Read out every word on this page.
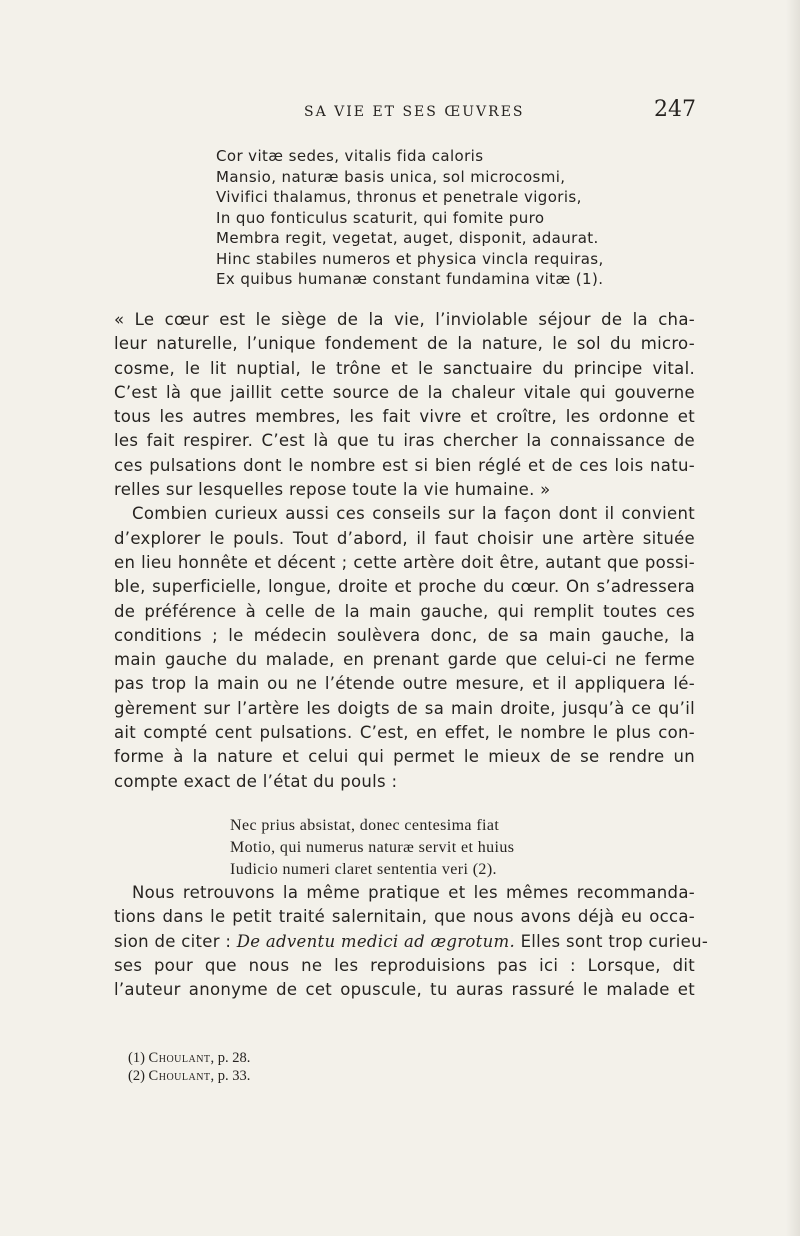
SA VIE ET SES ŒUVRES	247
Cor vitæ sedes, vitalis fida caloris
Mansio, naturæ basis unica, sol microcosmi,
Vivifici thalamus, thronus et penetrale vigoris,
In quo fonticulus scaturit, qui fomite puro
Membra regit, vegetat, auget, disponit, adaurat.
Hinc stabiles numeros et physica vincla requiras,
Ex quibus humanæ constant fundamina vitæ (1).
« Le cœur est le siège de la vie, l’inviolable séjour de la cha-
leur naturelle, l’unique fondement de la nature, le sol du micro-
cosme, le lit nuptial, le trône et le sanctuaire du principe vital.
C’est là que jaillit cette source de la chaleur vitale qui gouverne
tous les autres membres, les fait vivre et croître, les ordonne et
les fait respirer. C’est là que tu iras chercher la connaissance de
ces pulsations dont le nombre est si bien réglé et de ces lois natu-
relles sur lesquelles repose toute la vie humaine. »
Combien curieux aussi ces conseils sur la façon dont il convient
d’explorer le pouls. Tout d’abord, il faut choisir une artère située
en lieu honnête et décent ; cette artère doit être, autant que possi-
ble, superficielle, longue, droite et proche du cœur. On s’adressera
de préférence à celle de la main gauche, qui remplit toutes ces
conditions ; le médecin soulèvera donc, de sa main gauche, la
main gauche du malade, en prenant garde que celui-ci ne ferme
pas trop la main ou ne l’étende outre mesure, et il appliquera lé-
gèrement sur l’artère les doigts de sa main droite, jusqu’à ce qu’il
ait compté cent pulsations. C’est, en effet, le nombre le plus con-
forme à la nature et celui qui permet le mieux de se rendre un
compte exact de l’état du pouls :
Nec prius absistat, donec centesima fiat
Motio, qui numerus naturæ servit et huius
Iudicio numeri claret sententia veri (2).
Nous retrouvons la même pratique et les mêmes recommanda-
tions dans le petit traité salernitain, que nous avons déjà eu occa-
sion de citer : De adventu medici ad ægrotum. Elles sont trop curieu-
ses pour que nous ne les reproduisions pas ici : Lorsque, dit
l’auteur anonyme de cet opuscule, tu auras rassuré le malade et
(1) Choulant, p. 28.
(2) Choulant, p. 33.
